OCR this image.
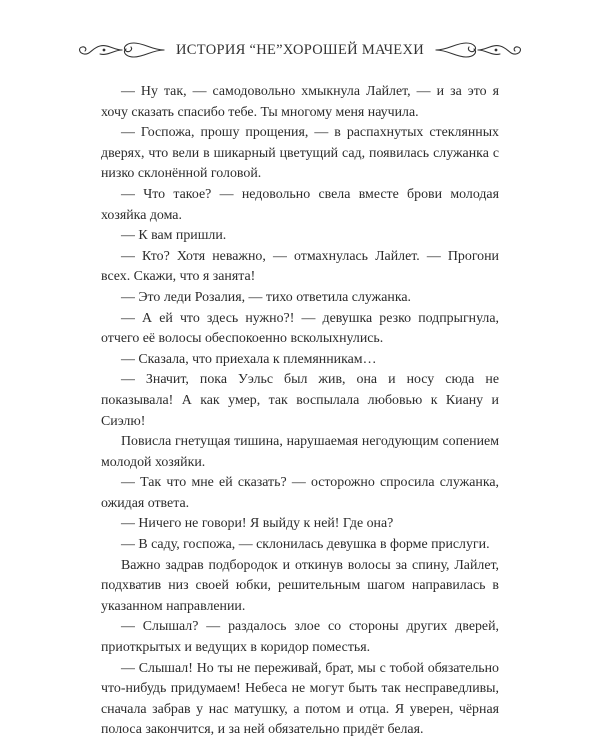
ИСТОРИЯ “НЕ”ХОРОШЕЙ МАЧЕХИ

— Ну так, — самодовольно хмыкнула Лайлет, — и за это я хочу сказать спасибо тебе. Ты многому меня научила.

— Госпожа, прошу прощения, — в распахнутых стеклянных дверях, что вели в шикарный цветущий сад, появилась служанка с низко склонённой головой.

— Что такое? — недовольно свела вместе брови молодая хозяйка дома.

— К вам пришли.

— Кто? Хотя неважно, — отмахнулась Лайлет. — Прогони всех. Скажи, что я занята!

— Это леди Розалия, — тихо ответила служанка.

— А ей что здесь нужно?! — девушка резко подпрыгнула, отчего её волосы обеспокоенно всколыхнулись.

— Сказала, что приехала к племянникам…

— Значит, пока Уэльс был жив, она и носу сюда не показывала! А как умер, так воспылала любовью к Киану и Сиэлю!

Повисла гнетущая тишина, нарушаемая негодующим сопением молодой хозяйки.

— Так что мне ей сказать? — осторожно спросила служанка, ожидая ответа.

— Ничего не говори! Я выйду к ней! Где она?

— В саду, госпожа, — склонилась девушка в форме прислуги.

Важно задрав подбородок и откинув волосы за спину, Лайлет, подхватив низ своей юбки, решительным шагом направилась в указанном направлении.

— Слышал? — раздалось злое со стороны других дверей, приоткрытых и ведущих в коридор поместья.

— Слышал! Но ты не переживай, брат, мы с тобой обязательно что-нибудь придумаем! Небеса не могут быть так несправедливы, сначала забрав у нас матушку, а потом и отца. Я уверен, чёрная полоса закончится, и за ней обязательно придёт белая.
